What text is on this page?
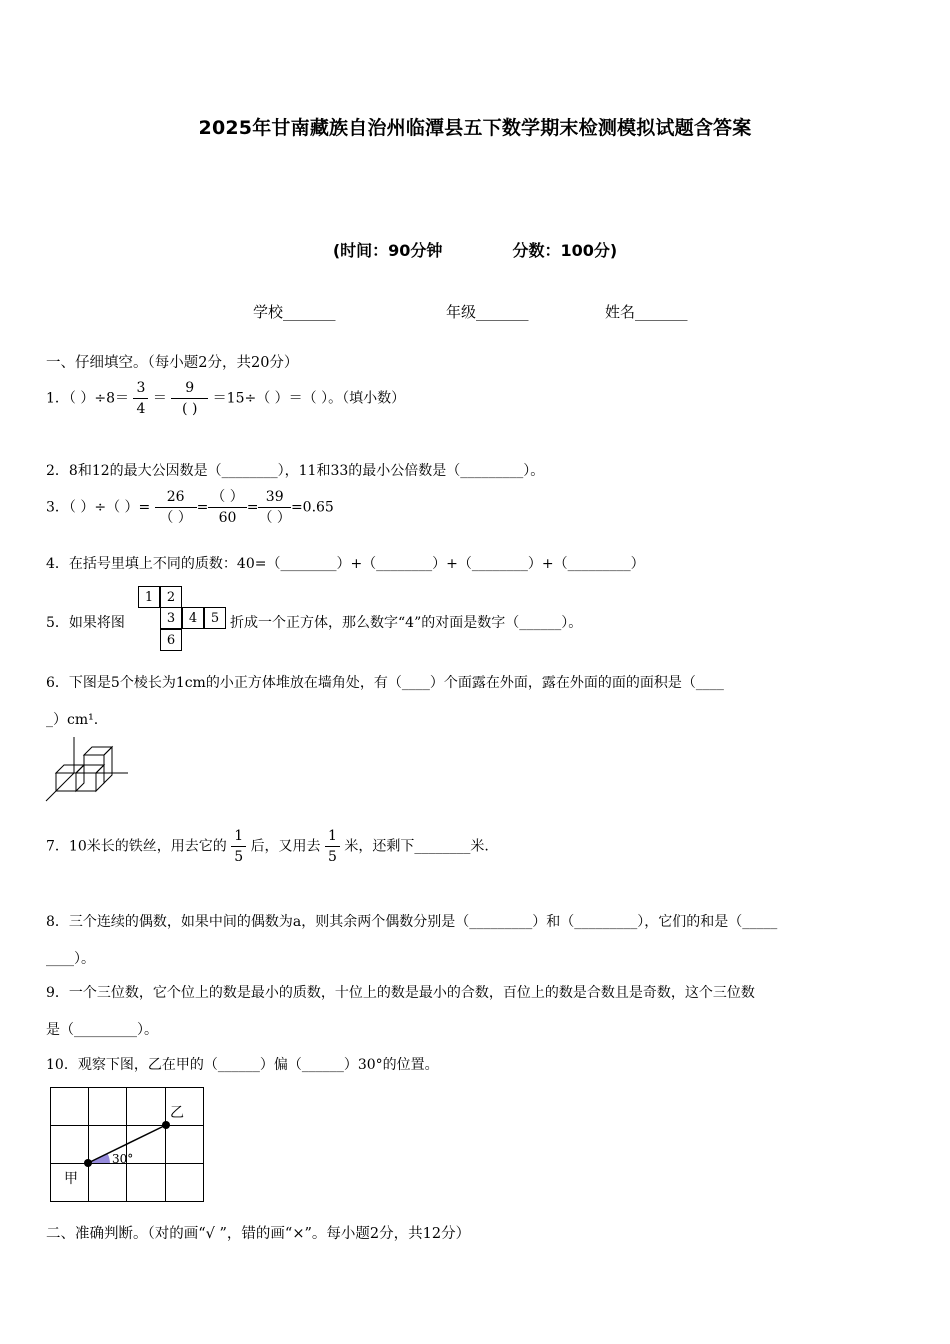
2025年甘南藏族自治州临潭县五下数学期末检测模拟试题含答案
(时间：90分钟	分数：100分)
学校_______	年级_______	姓名_______
一、仔细填空。（每小题2分，共20分）
1．（ ）$\div 8= \frac{3}{4} = \frac{9}{( )} =15\div$（ ）＝（ ）。（填小数）
2．8和12的最大公因数是（________），11和33的最小公倍数是（_________）。
3．（ ）÷（ ）= $\frac{26}{( )} = \frac{( )}{60} = \frac{39}{( )} =0.65$
4．在括号里填上不同的质数：40=（________）+（________）+（________）+（_________）
5．如果将图
1	2
3	4	5
6
折成一个正方体，那么数字“4”的对面是数字（______）。
6．下图是5个棱长为1cm的小正方体堆放在墙角处，有（____）个面露在外面，露在外面的面的面积是（____
_）cm¹.
7．10米长的铁丝，用去它的 $\frac{1}{5}$ 后，又用去 $\frac{1}{5}$ 米，还剩下________米.
8．三个连续的偶数，如果中间的偶数为a，则其余两个偶数分别是（_________）和（_________），它们的和是（_____
____）。
9．一个三位数，它个位上的数是最小的质数，十位上的数是最小的合数，百位上的数是合数且是奇数，这个三位数
是（_________）。
10．观察下图，乙在甲的（______）偏（______）30°的位置。
甲
乙
30°
二、准确判断。（对的画“√ ”，错的画“×”。每小题2分，共12分）
